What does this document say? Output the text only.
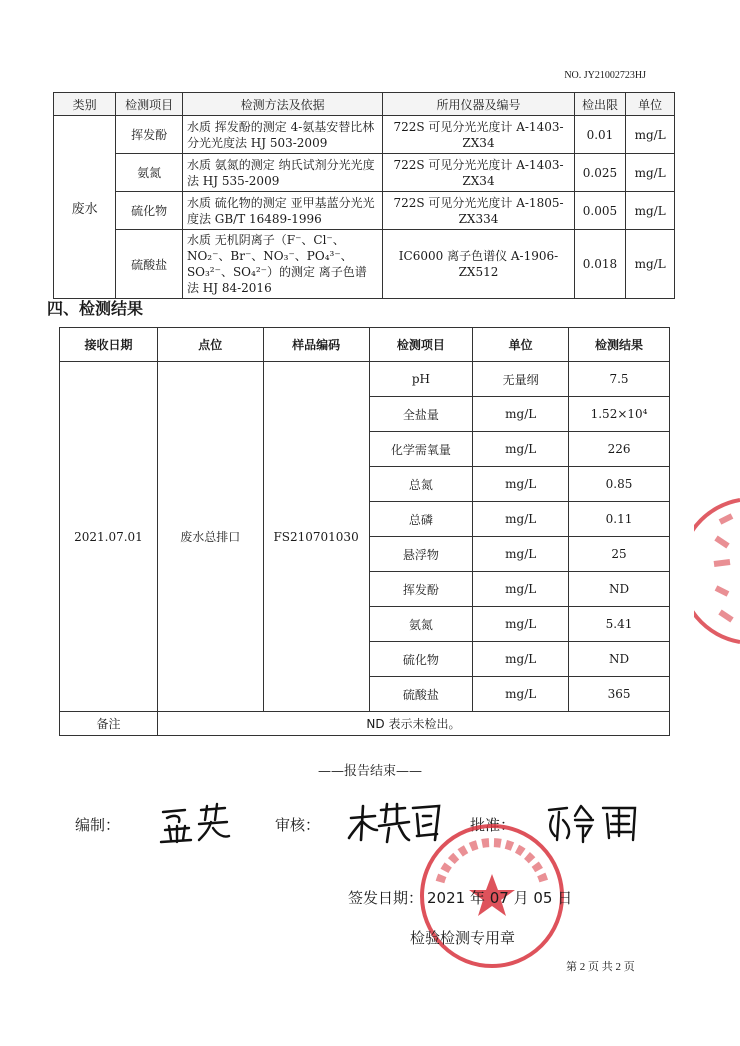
NO. JY21002723HJ
类别	检测项目	检测方法及依据	所用仪器及编号	检出限	单位
废水	挥发酚	水质 挥发酚的测定 4-氨基安替比林分光光度法 HJ 503-2009	722S 可见分光光度计 A-1403-ZX34	0.01	mg/L
	氨氮	水质 氨氮的测定 纳氏试剂分光光度法 HJ 535-2009	722S 可见分光光度计 A-1403-ZX34	0.025	mg/L
	硫化物	水质 硫化物的测定 亚甲基蓝分光光度法 GB/T 16489-1996	722S 可见分光光度计 A-1805-ZX334	0.005	mg/L
	硫酸盐	水质 无机阴离子（F⁻、Cl⁻、NO₂⁻、Br⁻、NO₃⁻、PO₄³⁻、SO₃²⁻、SO₄²⁻）的测定 离子色谱法 HJ 84-2016	IC6000 离子色谱仪 A-1906-ZX512	0.018	mg/L
四、检测结果
接收日期	点位	样品编码	检测项目	单位	检测结果
2021.07.01	废水总排口	FS210701030	pH	无量纲	7.5
			全盐量	mg/L	1.52×10⁴
			化学需氧量	mg/L	226
			总氮	mg/L	0.85
			总磷	mg/L	0.11
			悬浮物	mg/L	25
			挥发酚	mg/L	ND
			氨氮	mg/L	5.41
			硫化物	mg/L	ND
			硫酸盐	mg/L	365
备注	ND 表示未检出。				
——报告结束——
编制：	审核：	批准：
签发日期： 2021 年 07 月 05 日
检验检测专用章
第 2 页 共 2 页
